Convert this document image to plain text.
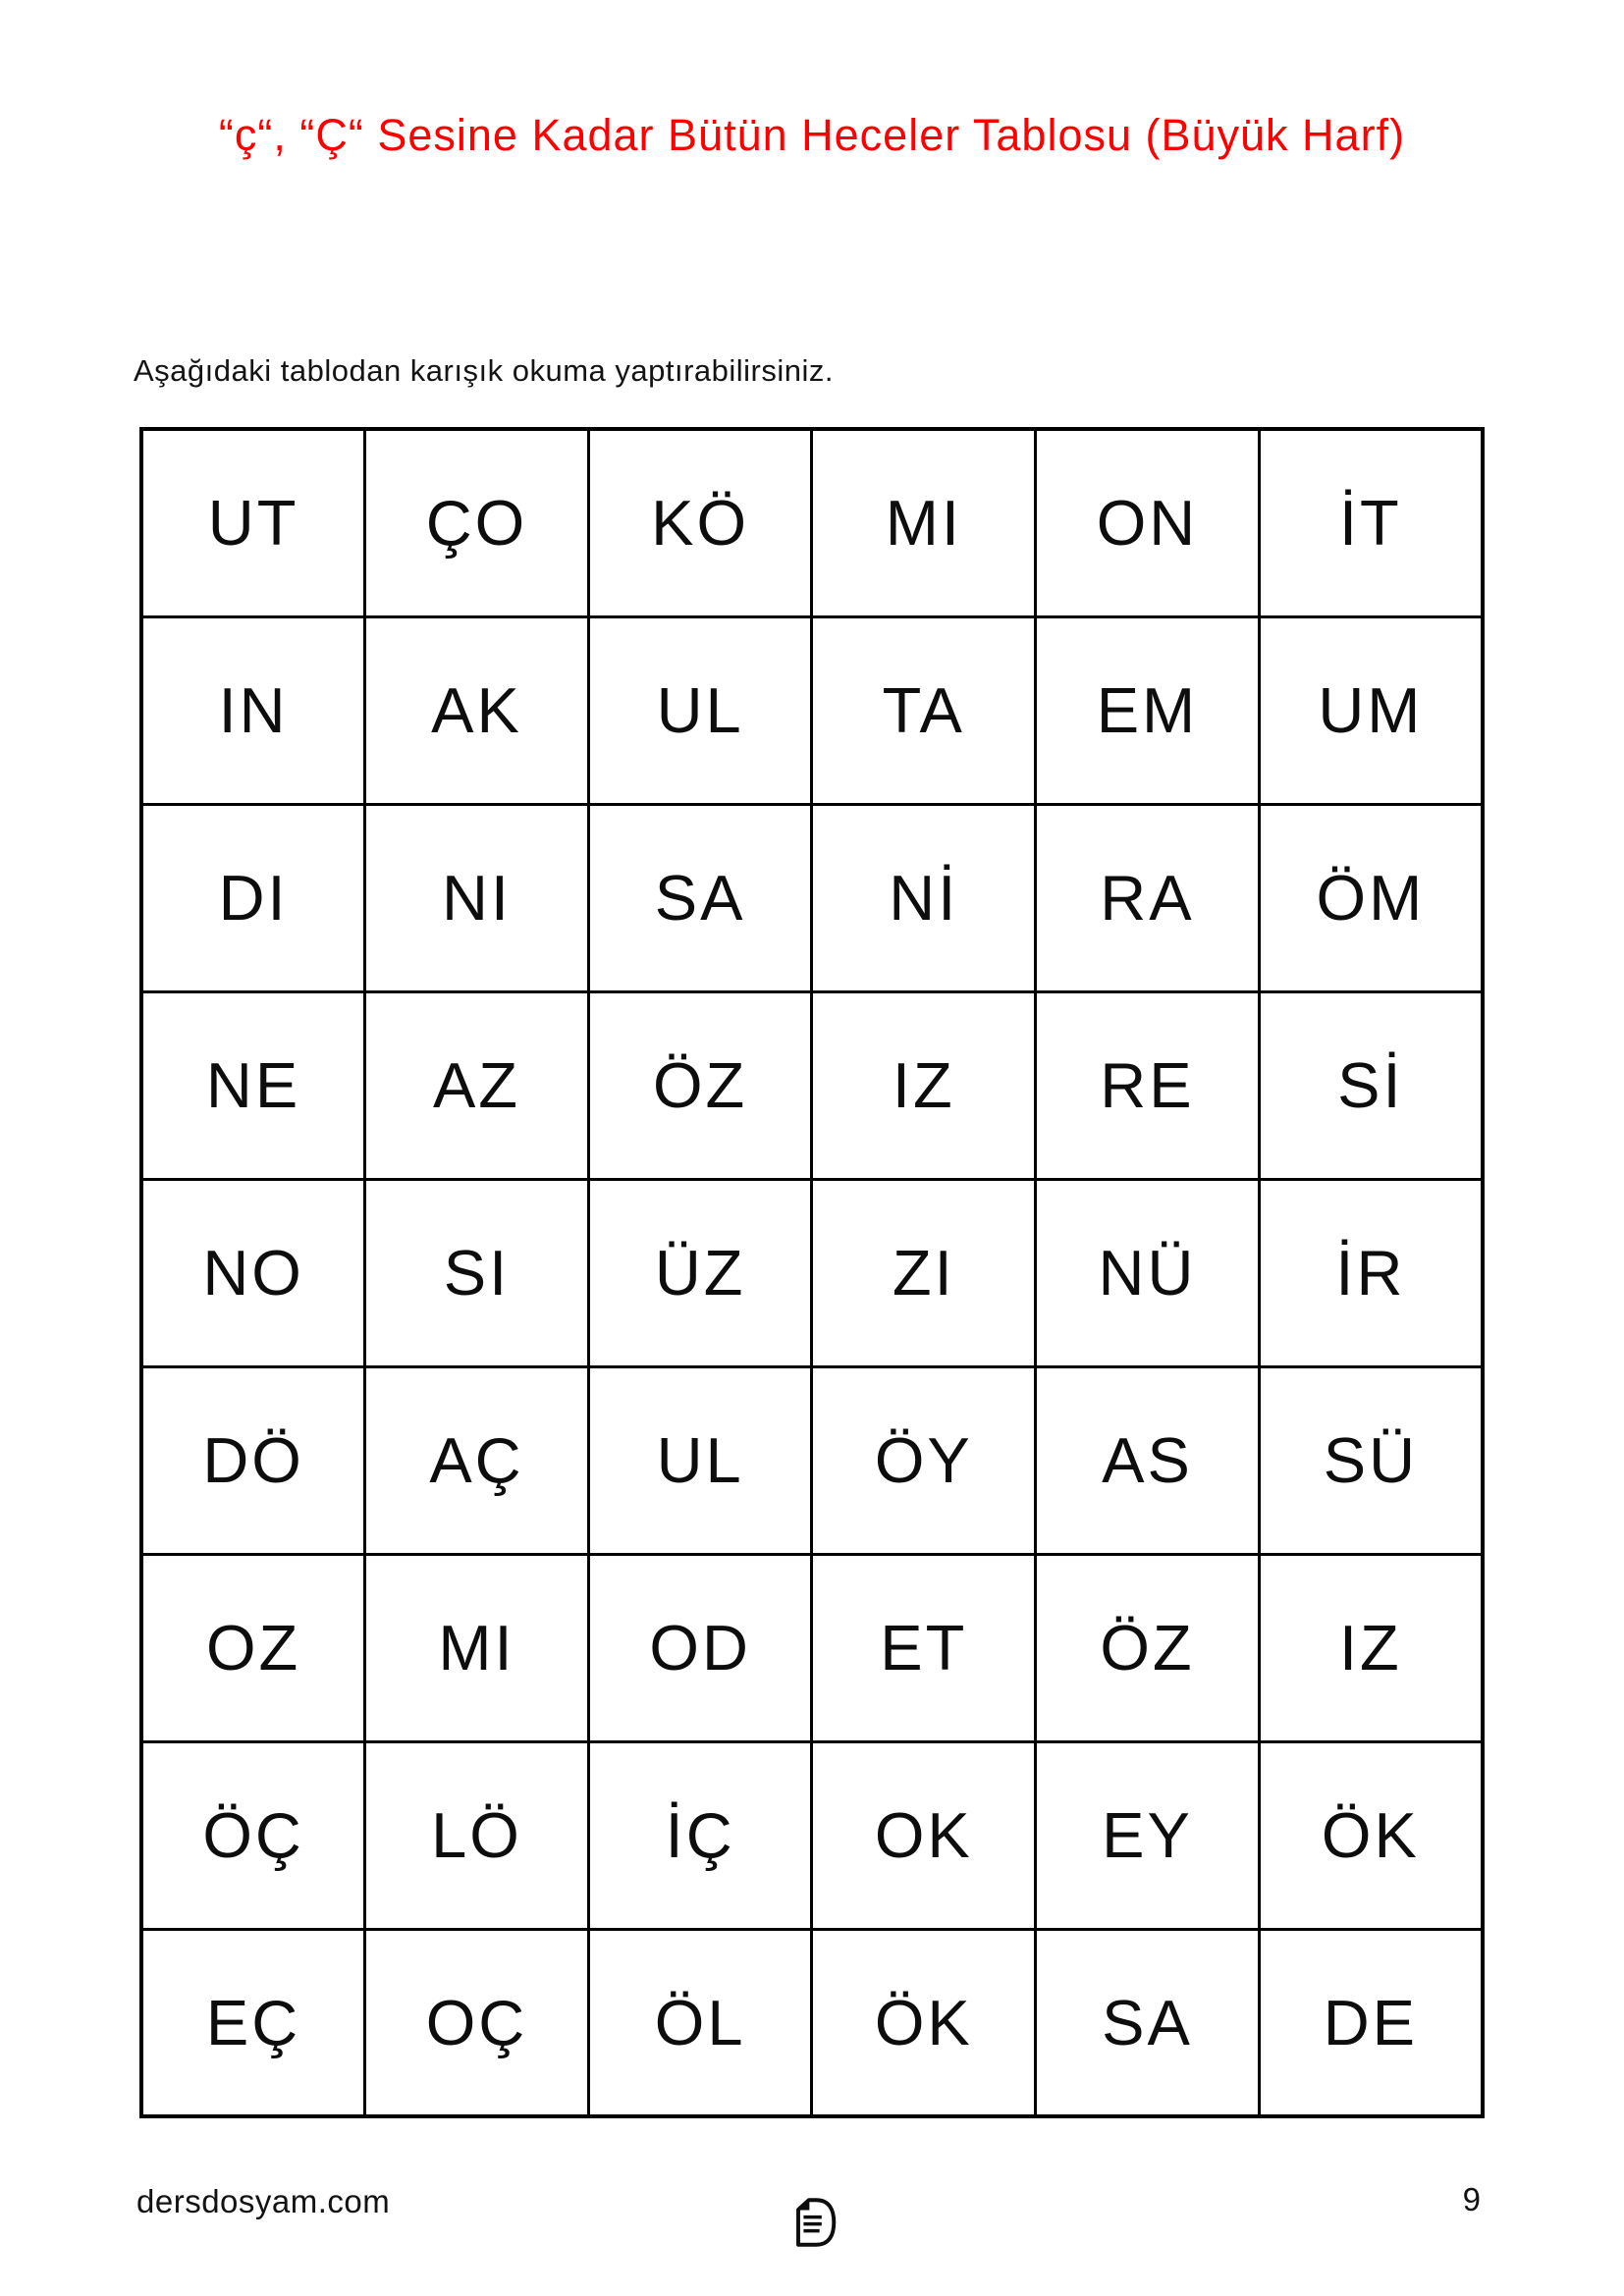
“ç“, “Ç“ Sesine Kadar Bütün Heceler Tablosu (Büyük Harf)

Aşağıdaki tablodan karışık okuma yaptırabilirsiniz.

UT	ÇO	KÖ	MI	ON	İT
IN	AK	UL	TA	EM	UM
DI	NI	SA	Nİ	RA	ÖM
NE	AZ	ÖZ	IZ	RE	Sİ
NO	SI	ÜZ	ZI	NÜ	İR
DÖ	AÇ	UL	ÖY	AS	SÜ
OZ	MI	OD	ET	ÖZ	IZ
ÖÇ	LÖ	İÇ	OK	EY	ÖK
EÇ	OÇ	ÖL	ÖK	SA	DE
dersdosyam.com	9
